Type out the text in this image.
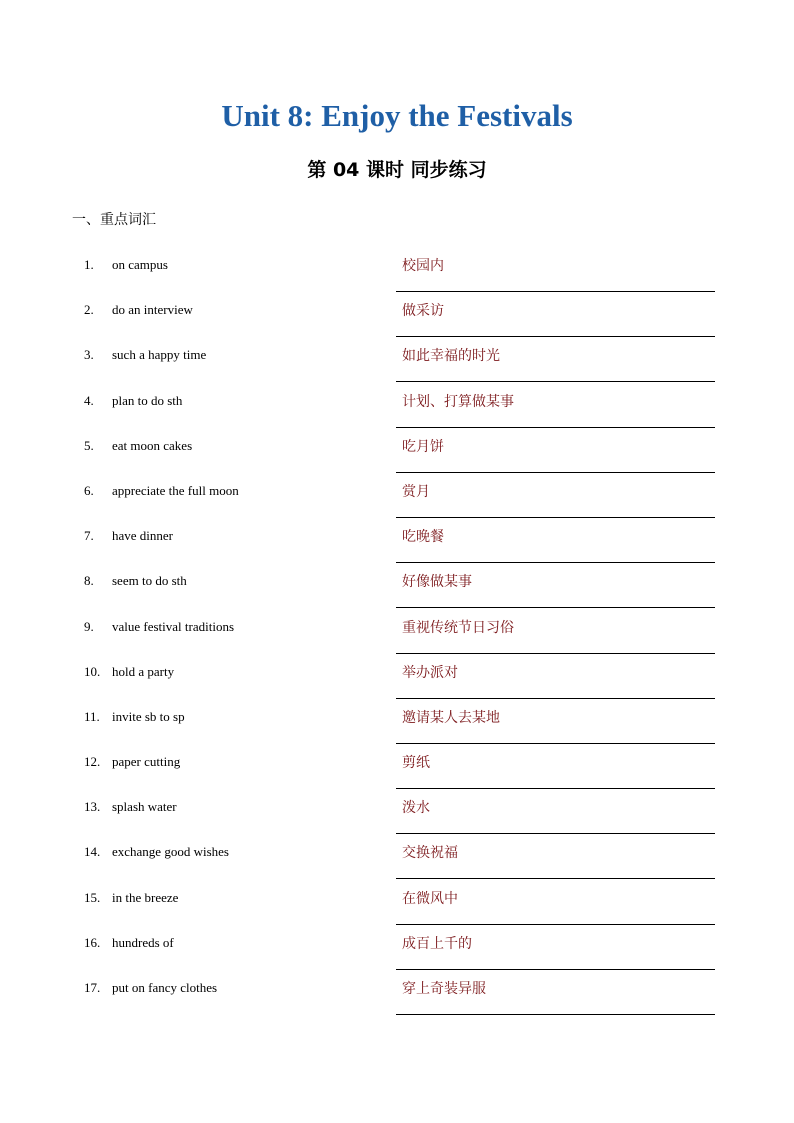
Unit 8: Enjoy the Festivals
第 04 课时 同步练习
一、重点词汇
1. on campus	校园内
2. do an interview	做采访
3. such a happy time	如此幸福的时光
4. plan to do sth	计划、打算做某事
5. eat moon cakes	吃月饼
6. appreciate the full moon	赏月
7. have dinner	吃晚餐
8. seem to do sth	好像做某事
9. value festival traditions	重视传统节日习俗
10. hold a party	举办派对
11. invite sb to sp	邀请某人去某地
12. paper cutting	剪纸
13. splash water	泼水
14. exchange good wishes	交换祝福
15. in the breeze	在微风中
16. hundreds of	成百上千的
17. put on fancy clothes	穿上奇装异服
